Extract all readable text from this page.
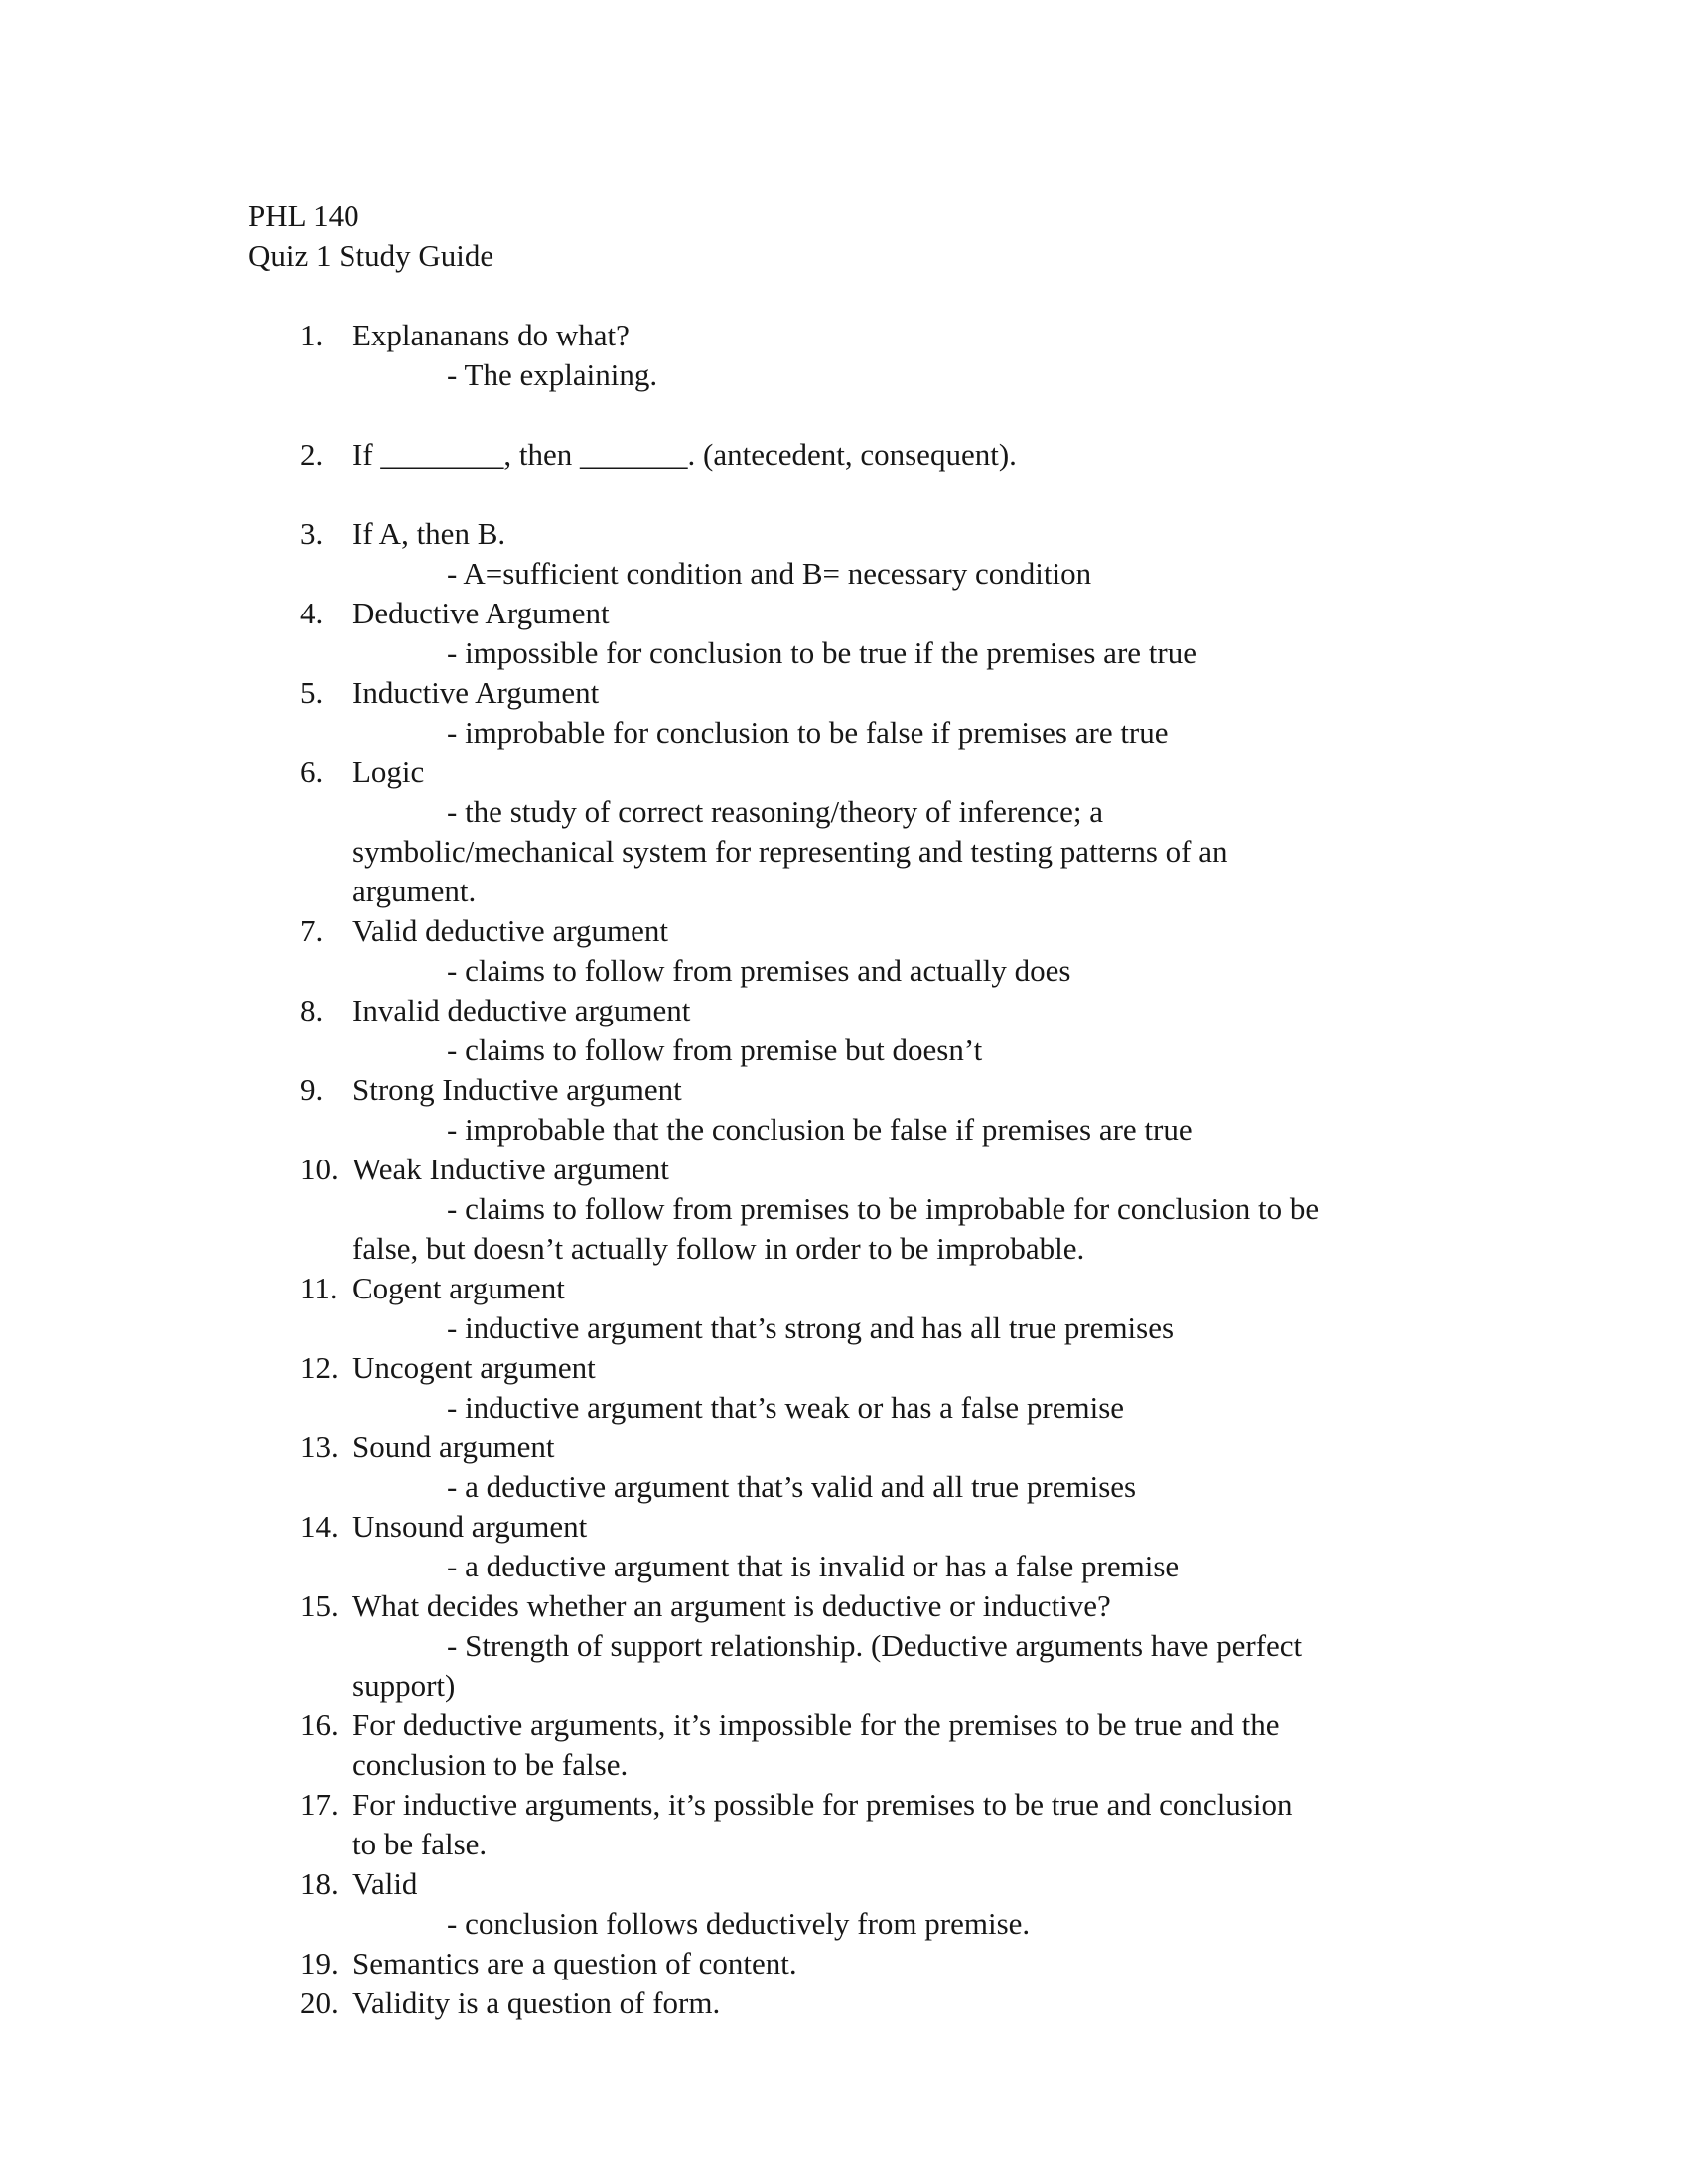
PHL 140
Quiz 1 Study Guide
1. Explananans do what?
- The explaining.
2. If ________, then _______. (antecedent, consequent).
3. If A, then B.
- A=sufficient condition and B= necessary condition
4. Deductive Argument
- impossible for conclusion to be true if the premises are true
5. Inductive Argument
- improbable for conclusion to be false if premises are true
6. Logic
- the study of correct reasoning/theory of inference; a
symbolic/mechanical system for representing and testing patterns of an
argument.
7. Valid deductive argument
- claims to follow from premises and actually does
8. Invalid deductive argument
- claims to follow from premise but doesn’t
9. Strong Inductive argument
- improbable that the conclusion be false if premises are true
10. Weak Inductive argument
- claims to follow from premises to be improbable for conclusion to be
false, but doesn’t actually follow in order to be improbable.
11. Cogent argument
- inductive argument that’s strong and has all true premises
12. Uncogent argument
- inductive argument that’s weak or has a false premise
13. Sound argument
- a deductive argument that’s valid and all true premises
14. Unsound argument
- a deductive argument that is invalid or has a false premise
15. What decides whether an argument is deductive or inductive?
- Strength of support relationship. (Deductive arguments have perfect
support)
16. For deductive arguments, it’s impossible for the premises to be true and the
conclusion to be false.
17. For inductive arguments, it’s possible for premises to be true and conclusion
to be false.
18. Valid
- conclusion follows deductively from premise.
19. Semantics are a question of content.
20. Validity is a question of form.
